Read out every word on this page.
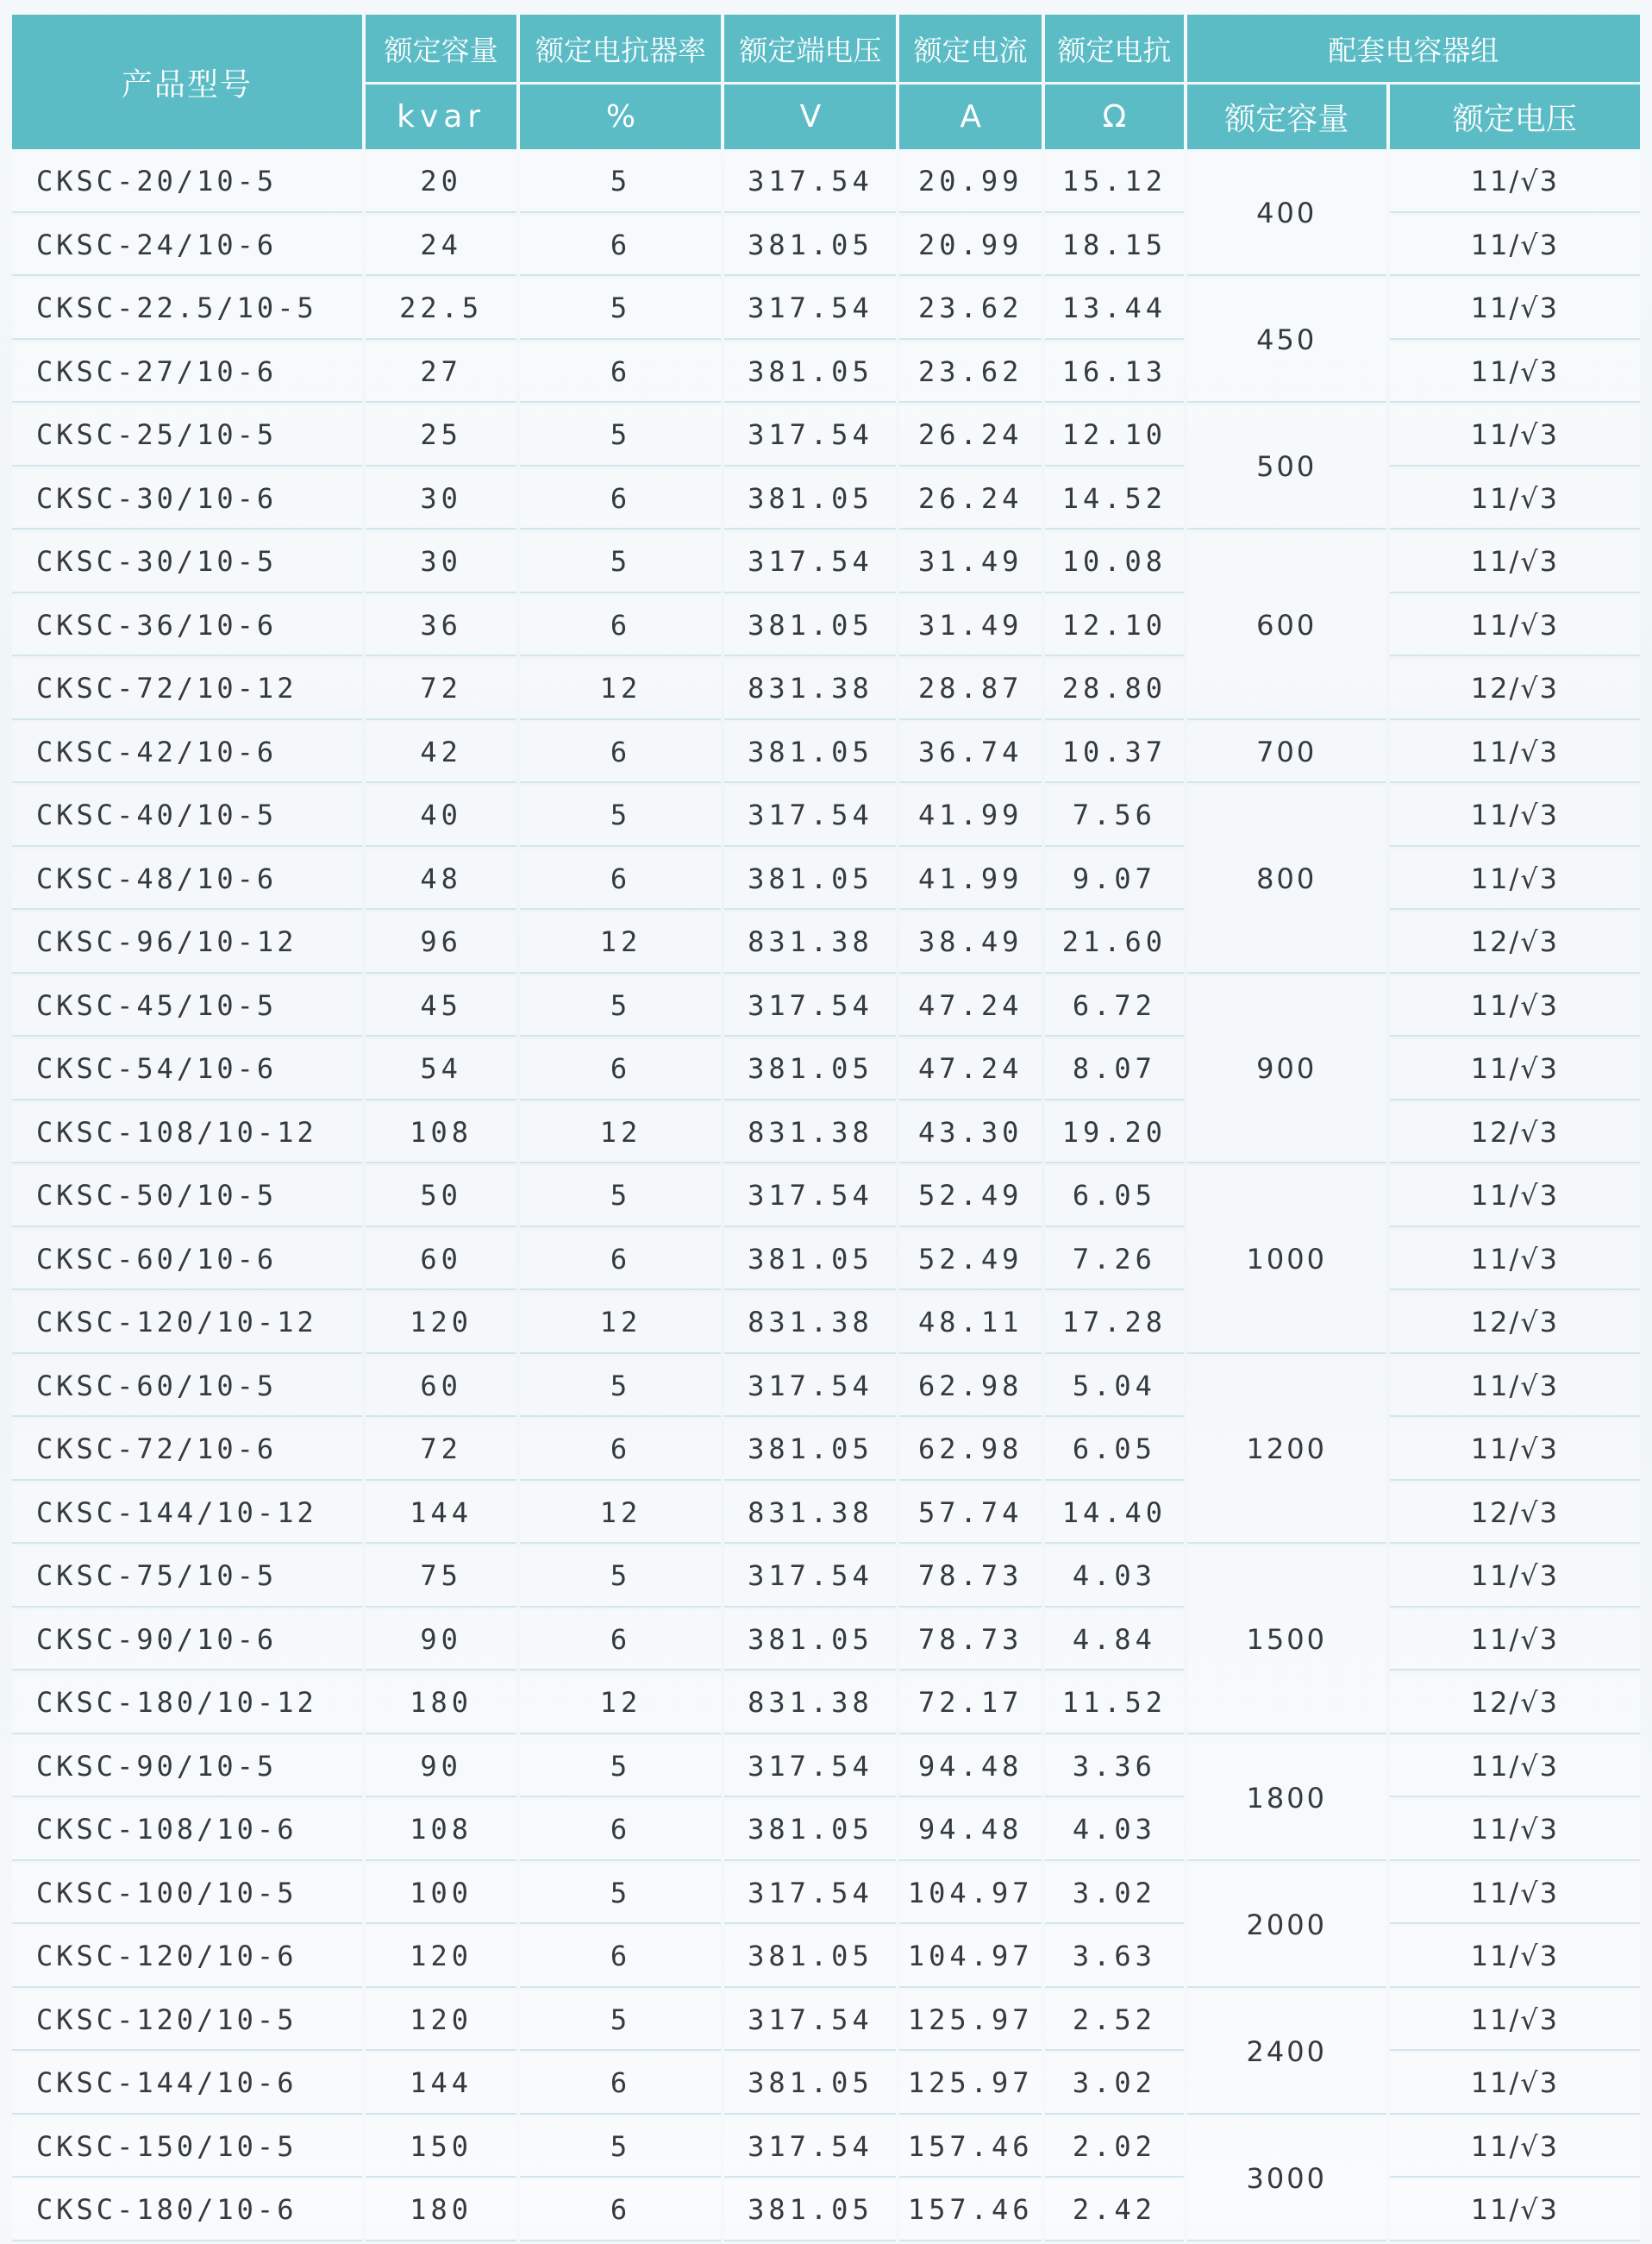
产品型号	额定容量	额定电抗器率	额定端电压	额定电流	额定电抗	配套电容器组	
	kvar	%	V	A	Ω	额定容量	额定电压
CKSC-20/10-5	20	5	317.54	20.99	15.12	400	11/√3
CKSC-24/10-6	24	6	381.05	20.99	18.15		11/√3
CKSC-22.5/10-5	22.5	5	317.54	23.62	13.44	450	11/√3
CKSC-27/10-6	27	6	381.05	23.62	16.13		11/√3
CKSC-25/10-5	25	5	317.54	26.24	12.10	500	11/√3
CKSC-30/10-6	30	6	381.05	26.24	14.52		11/√3
CKSC-30/10-5	30	5	317.54	31.49	10.08	600	11/√3
CKSC-36/10-6	36	6	381.05	31.49	12.10		11/√3
CKSC-72/10-12	72	12	831.38	28.87	28.80		12/√3
CKSC-42/10-6	42	6	381.05	36.74	10.37	700	11/√3
CKSC-40/10-5	40	5	317.54	41.99	7.56	800	11/√3
CKSC-48/10-6	48	6	381.05	41.99	9.07		11/√3
CKSC-96/10-12	96	12	831.38	38.49	21.60		12/√3
CKSC-45/10-5	45	5	317.54	47.24	6.72	900	11/√3
CKSC-54/10-6	54	6	381.05	47.24	8.07		11/√3
CKSC-108/10-12	108	12	831.38	43.30	19.20		12/√3
CKSC-50/10-5	50	5	317.54	52.49	6.05	1000	11/√3
CKSC-60/10-6	60	6	381.05	52.49	7.26		11/√3
CKSC-120/10-12	120	12	831.38	48.11	17.28		12/√3
CKSC-60/10-5	60	5	317.54	62.98	5.04	1200	11/√3
CKSC-72/10-6	72	6	381.05	62.98	6.05		11/√3
CKSC-144/10-12	144	12	831.38	57.74	14.40		12/√3
CKSC-75/10-5	75	5	317.54	78.73	4.03	1500	11/√3
CKSC-90/10-6	90	6	381.05	78.73	4.84		11/√3
CKSC-180/10-12	180	12	831.38	72.17	11.52		12/√3
CKSC-90/10-5	90	5	317.54	94.48	3.36	1800	11/√3
CKSC-108/10-6	108	6	381.05	94.48	4.03		11/√3
CKSC-100/10-5	100	5	317.54	104.97	3.02	2000	11/√3
CKSC-120/10-6	120	6	381.05	104.97	3.63		11/√3
CKSC-120/10-5	120	5	317.54	125.97	2.52	2400	11/√3
CKSC-144/10-6	144	6	381.05	125.97	3.02		11/√3
CKSC-150/10-5	150	5	317.54	157.46	2.02	3000	11/√3
CKSC-180/10-6	180	6	381.05	157.46	2.42		11/√3
